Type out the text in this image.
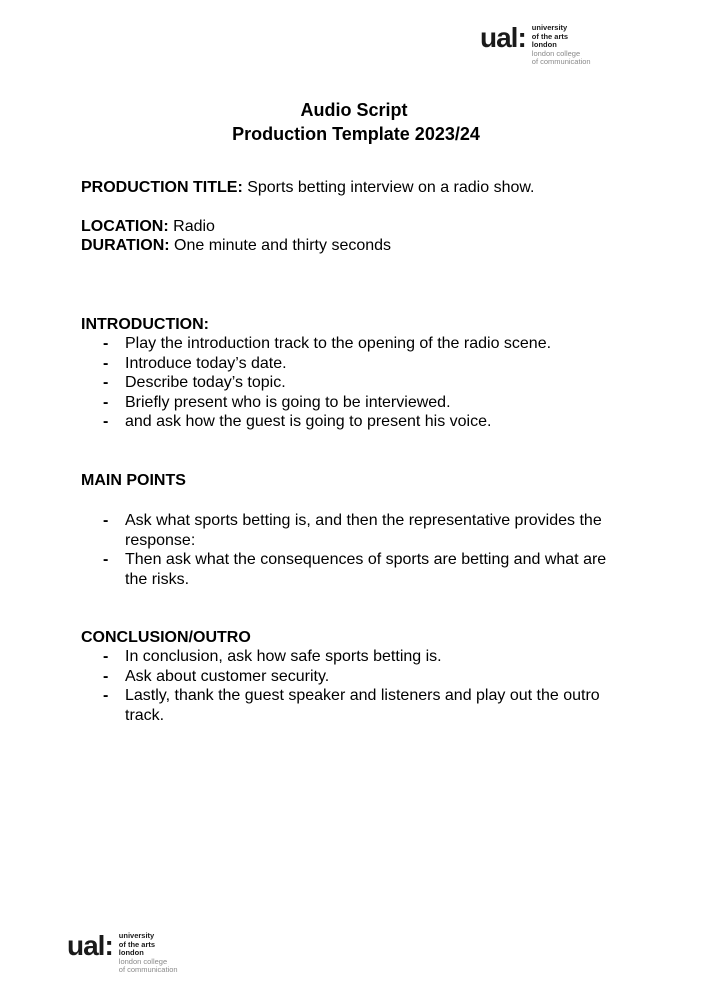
ual: university
of the arts
london
london college
of communication
Audio Script
Production Template 2023/24
PRODUCTION TITLE: Sports betting interview on a radio show.
LOCATION: Radio
DURATION: One minute and thirty seconds
INTRODUCTION:
- Play the introduction track to the opening of the radio scene.
- Introduce today’s date.
- Describe today’s topic.
- Briefly present who is going to be interviewed.
- and ask how the guest is going to present his voice.
MAIN POINTS
- Ask what sports betting is, and then the representative provides the response:
- Then ask what the consequences of sports are betting and what are the risks.
CONCLUSION/OUTRO
- In conclusion, ask how safe sports betting is.
- Ask about customer security.
- Lastly, thank the guest speaker and listeners and play out the outro track.
ual: university
of the arts
london
london college
of communication
